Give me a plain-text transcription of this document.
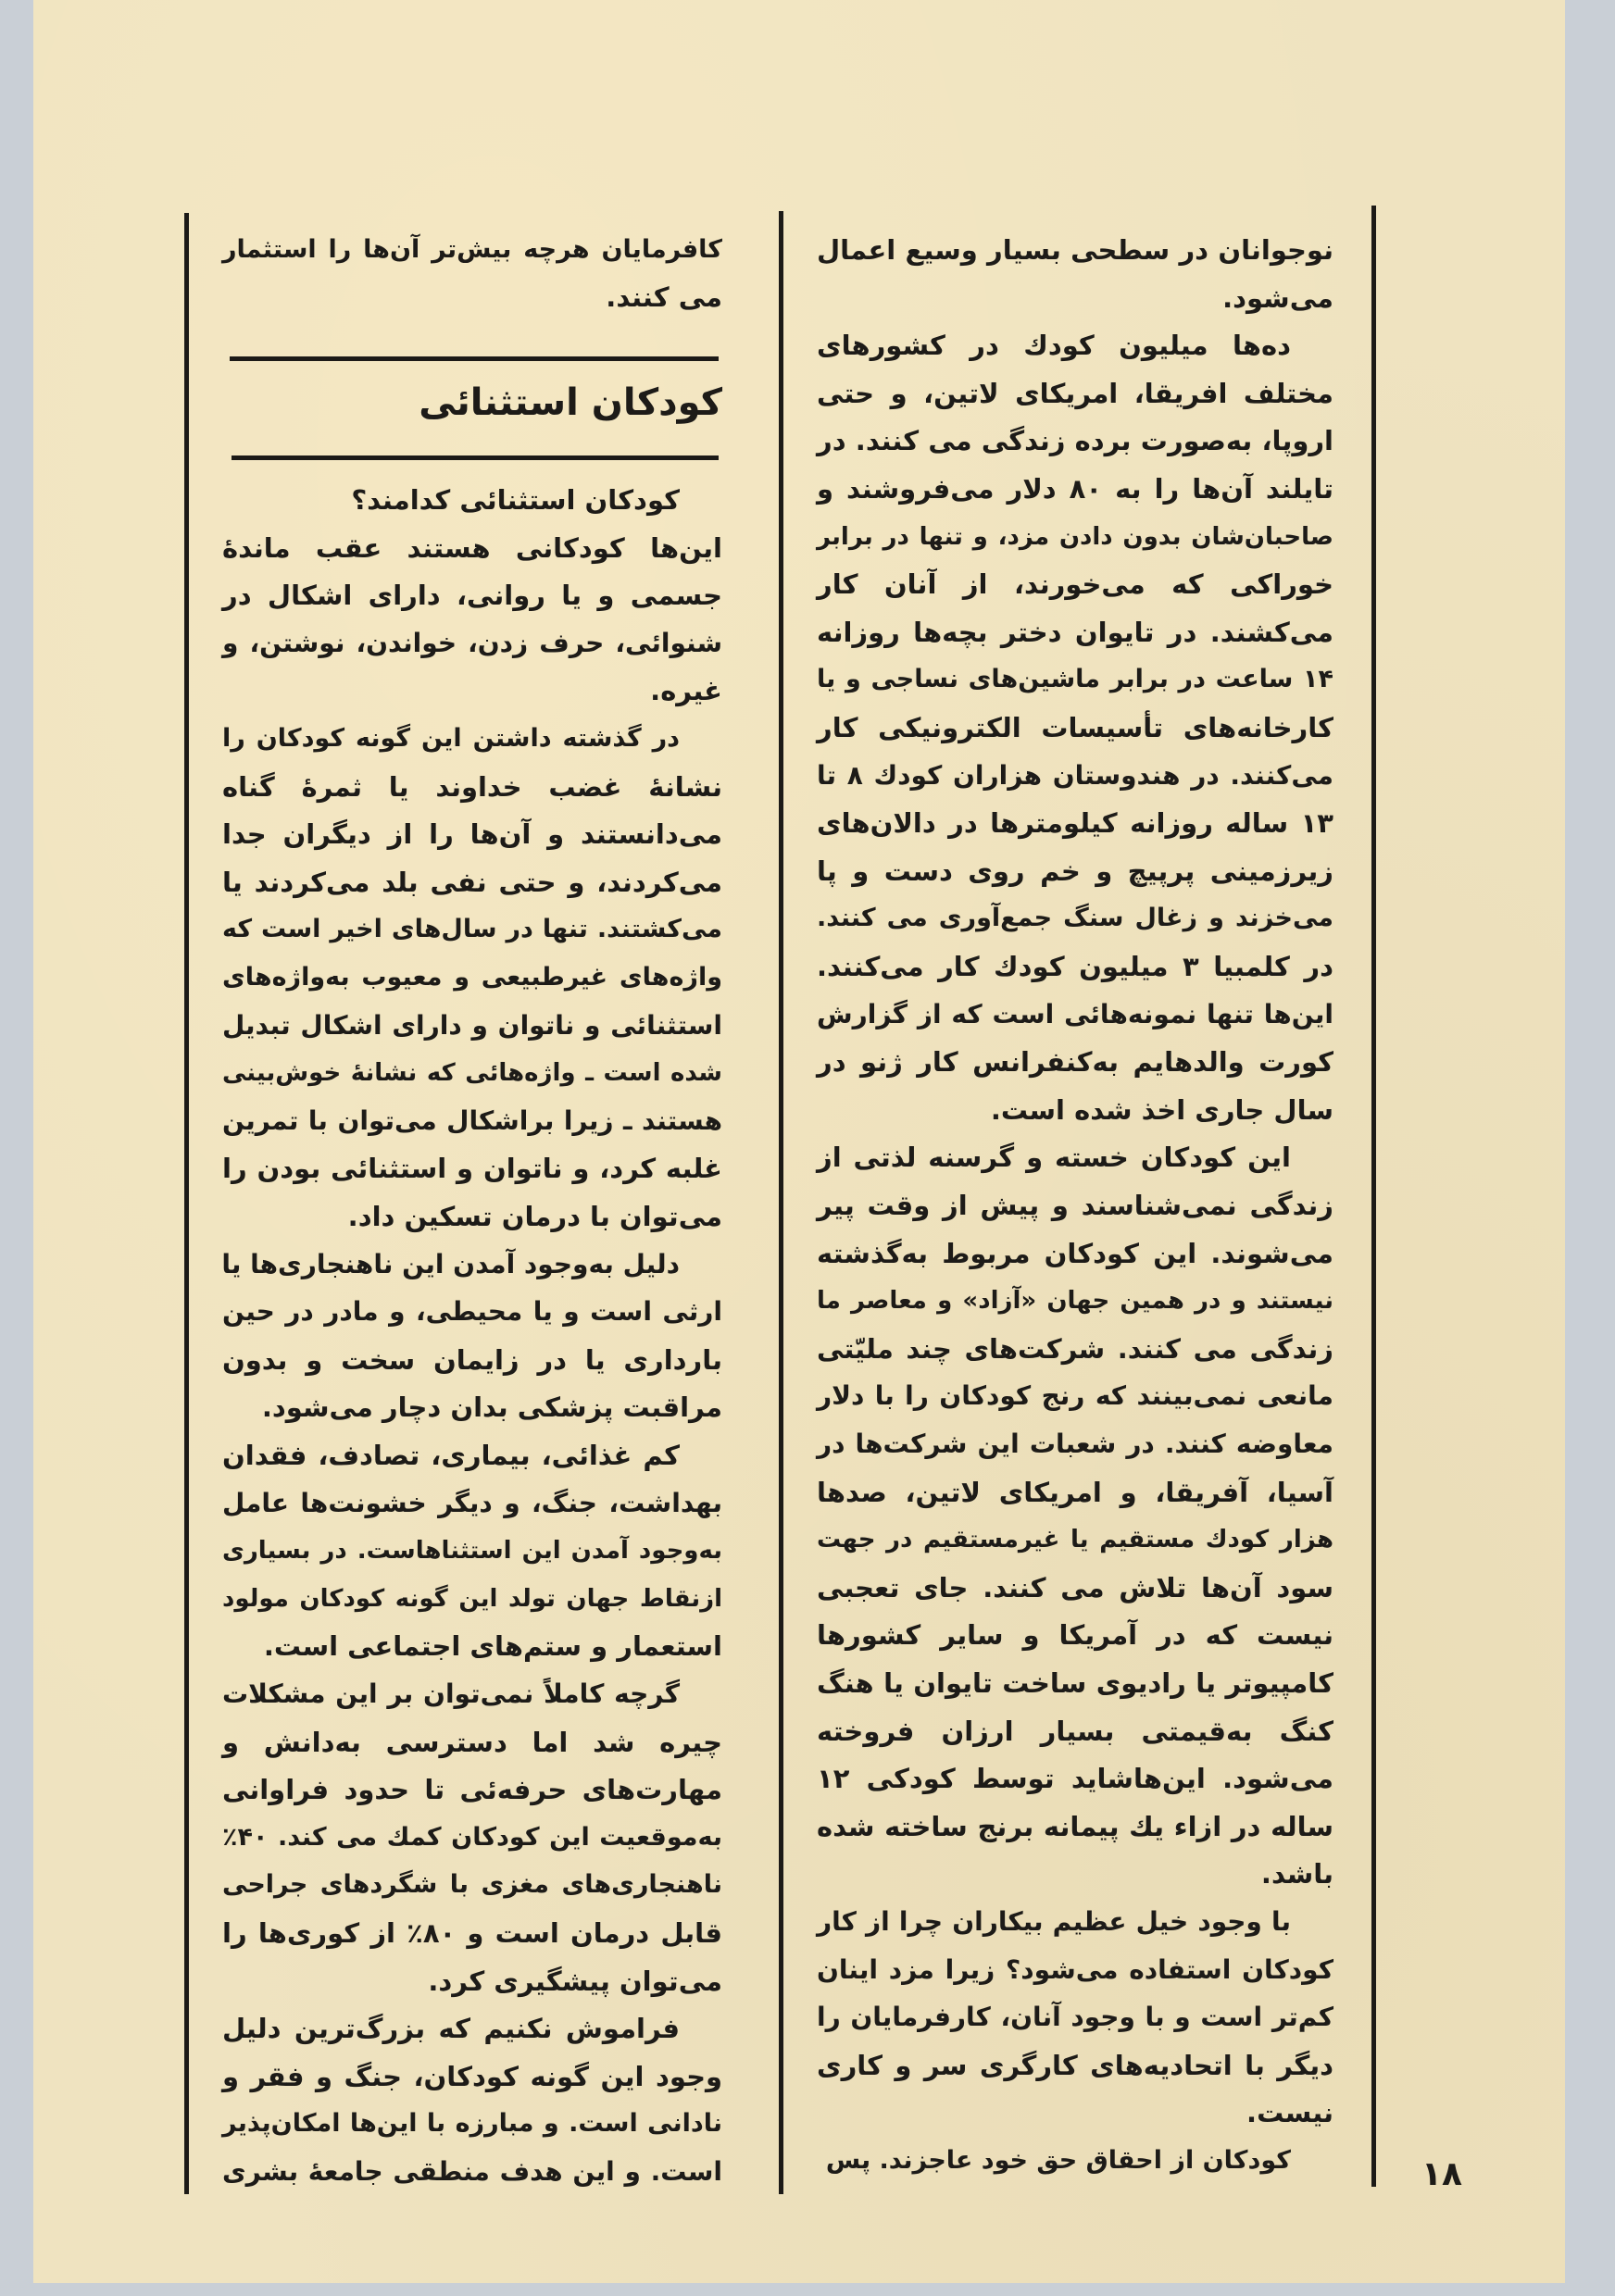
نوجوانان در سطحی بسیار وسیع اعمال
می‌شود.
ده‌ها میلیون کودك در کشورهای
مختلف افریقا، امریکای لاتین، و حتی
اروپا، به‌صورت برده زندگی می کنند. در
تایلند آن‌ها را به ۸۰ دلار می‌فروشند و
صاحبان‌شان بدون دادن مزد، و تنها در برابر
خوراکی که می‌خورند، از آنان کار
می‌کشند. در تایوان دختر بچه‌ها روزانه
۱۴ ساعت در برابر ماشین‌های نساجی و یا
کارخانه‌های تأسیسات الکترونیکی کار
می‌کنند. در هندوستان هزاران کودك ۸ تا
۱۳ ساله روزانه کیلومترها در دالان‌های
زیرزمینی پرپیچ و خم روی دست و پا
می‌خزند و زغال سنگ جمع‌آوری می کنند.
در کلمبیا ۳ میلیون کودك کار می‌کنند.
این‌ها تنها نمونه‌هائی است که از گزارش
کورت والدهایم به‌کنفرانس کار ژنو در
سال جاری اخذ شده است.
این کودکان خسته و گرسنه لذتی از
زندگی نمی‌شناسند و پیش از وقت پیر
می‌شوند. این کودکان مربوط به‌گذشته
نیستند و در همین جهان «آزاد» و معاصر ما
زندگی می کنند. شرکت‌های چند ملیّتی
مانعی نمی‌بینند که رنج کودکان را با دلار
معاوضه کنند. در شعبات این شرکت‌ها در
آسیا، آفریقا، و امریکای لاتین، صدها
هزار کودك مستقیم یا غیرمستقیم در جهت
سود آن‌ها تلاش می کنند. جای تعجبی
نیست که در آمریکا و سایر کشورها
کامپیوتر یا رادیوی ساخت تایوان یا هنگ
کنگ به‌قیمتی بسیار ارزان فروخته
می‌شود. این‌هاشاید توسط کودکی ۱۲
ساله در ازاء یك پیمانه برنج ساخته شده
باشد.
با وجود خیل عظیم بیکاران چرا از کار
کودکان استفاده می‌شود؟ زیرا مزد اینان
کم‌تر است و با وجود آنان، کارفرمایان را
دیگر با اتحادیه‌های کارگری سر و کاری
نیست.
کودکان از احقاق حق خود عاجزند. پس
کودکان استثنائی
کافرمایان هرچه بیش‌تر آن‌ها را استثمار
می کنند.
کودکان استثنائی کدامند؟
این‌ها کودکانی هستند عقب ماندهٔ
جسمی و یا روانی، دارای اشکال در
شنوائی، حرف زدن، خواندن، نوشتن، و
غیره.
در گذشته داشتن این گونه کودکان را
نشانهٔ غضب خداوند یا ثمرهٔ گناه
می‌دانستند و آن‌ها را از دیگران جدا
می‌کردند، و حتی نفی بلد می‌کردند یا
می‌کشتند. تنها در سال‌های اخیر است که
واژه‌های غیرطبیعی و معیوب به‌واژه‌های
استثنائی و ناتوان و دارای اشکال تبدیل
شده است ـ واژه‌هائی که نشانهٔ خوش‌بینی
هستند ـ زیرا براشکال می‌توان با تمرین
غلبه کرد، و ناتوان و استثنائی بودن را
می‌توان با درمان تسکین داد.
دلیل به‌وجود آمدن این ناهنجاری‌ها یا
ارثی است و یا محیطی، و مادر در حین
بارداری یا در زایمان سخت و بدون
مراقبت پزشکی بدان دچار می‌شود.
کم غذائی، بیماری، تصادف، فقدان
بهداشت، جنگ، و دیگر خشونت‌ها عامل
به‌وجود آمدن این استثناهاست. در بسیاری
ازنقاط جهان تولد این گونه کودکان مولود
استعمار و ستم‌های اجتماعی است.
گرچه کاملاً نمی‌توان بر این مشکلات
چیره شد اما دسترسی به‌دانش و
مهارت‌های حرفه‌ئی تا حدود فراوانی
به‌موقعیت این کودکان کمك می کند. ۴۰٪
ناهنجاری‌های مغزی با شگردهای جراحی
قابل درمان است و ۸۰٪ از کوری‌ها را
می‌توان پیشگیری کرد.
فراموش نکنیم که بزرگ‌ترین دلیل
وجود این گونه کودکان، جنگ و فقر و
نادانی است. و مبارزه با این‌ها امکان‌پذیر
است. و این هدف منطقی جامعهٔ بشری	۱۸
